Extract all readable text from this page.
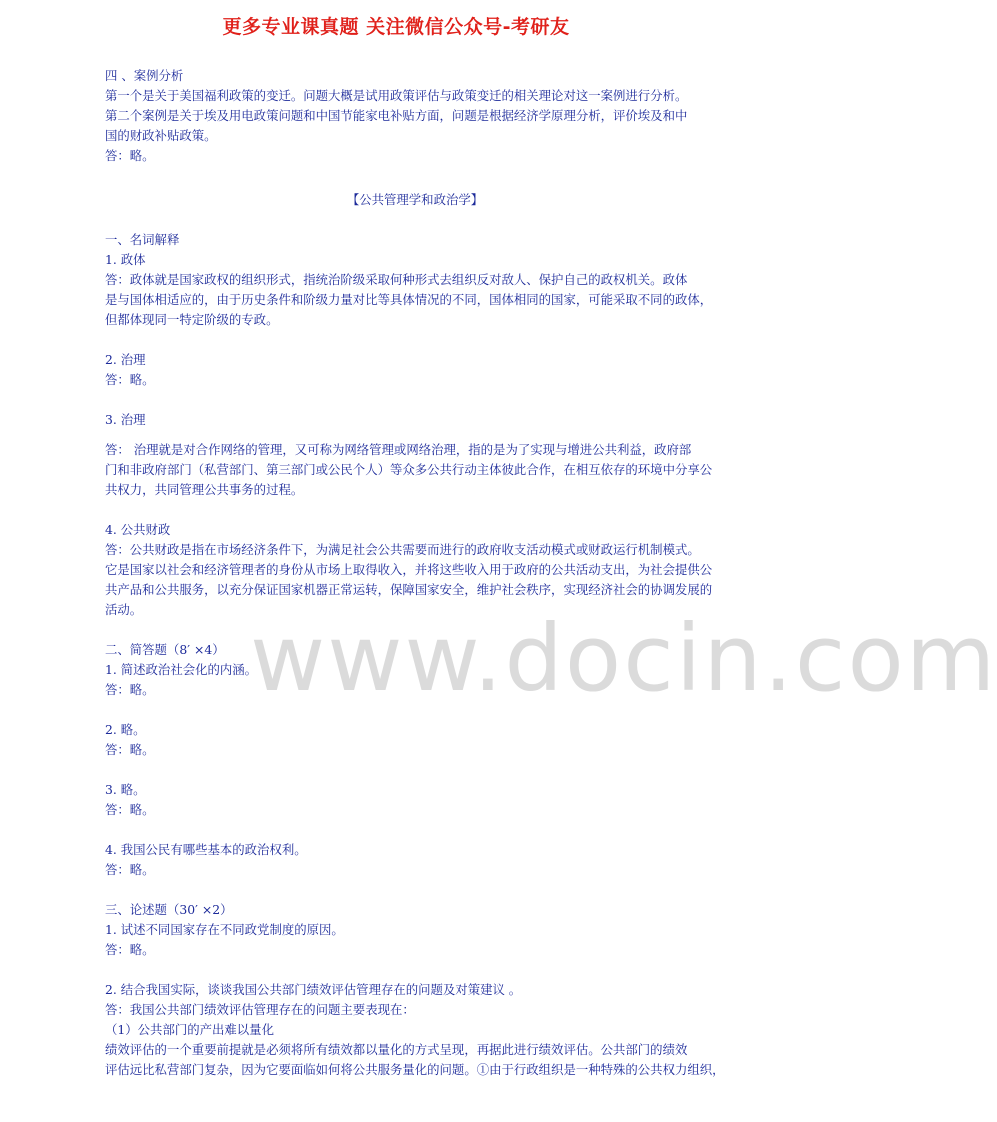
更多专业课真题 关注微信公众号-考研友

四 、案例分析

第一个是关于美国福利政策的变迁。问题大概是试用政策评估与政策变迁的相关理论对这一案例进行分析。

第二个案例是关于埃及用电政策问题和中国节能家电补贴方面，问题是根据经济学原理分析，评价埃及和中

国的财政补贴政策。

答：略。

【公共管理学和政治学】

一、名词解释

1. 政体

答：政体就是国家政权的组织形式，指统治阶级采取何种形式去组织反对敌人、保护自己的政权机关。政体

是与国体相适应的，由于历史条件和阶级力量对比等具体情况的不同，国体相同的国家，可能采取不同的政体，

但都体现同一特定阶级的专政。

2. 治理

答：略。

3. 治理

答： 治理就是对合作网络的管理，又可称为网络管理或网络治理，指的是为了实现与增进公共利益，政府部

门和非政府部门（私营部门、第三部门或公民个人）等众多公共行动主体彼此合作，在相互依存的环境中分享公

共权力，共同管理公共事务的过程。

4. 公共财政

答：公共财政是指在市场经济条件下，为满足社会公共需要而进行的政府收支活动模式或财政运行机制模式。

它是国家以社会和经济管理者的身份从市场上取得收入，并将这些收入用于政府的公共活动支出，为社会提供公

共产品和公共服务，以充分保证国家机器正常运转，保障国家安全，维护社会秩序，实现经济社会的协调发展的

活动。

二、简答题（8′ ×4）

1. 简述政治社会化的内涵。

答：略。

2. 略。

答：略。

3. 略。

答：略。

4. 我国公民有哪些基本的政治权利。

答：略。

三、论述题（30′ ×2）

1. 试述不同国家存在不同政党制度的原因。

答：略。

2. 结合我国实际，谈谈我国公共部门绩效评估管理存在的问题及对策建议 。

答：我国公共部门绩效评估管理存在的问题主要表现在：

（1）公共部门的产出难以量化

绩效评估的一个重要前提就是必须将所有绩效都以量化的方式呈现，再据此进行绩效评估。公共部门的绩效

评估远比私营部门复杂，因为它要面临如何将公共服务量化的问题。①由于行政组织是一种特殊的公共权力组织，

www.docin.com
